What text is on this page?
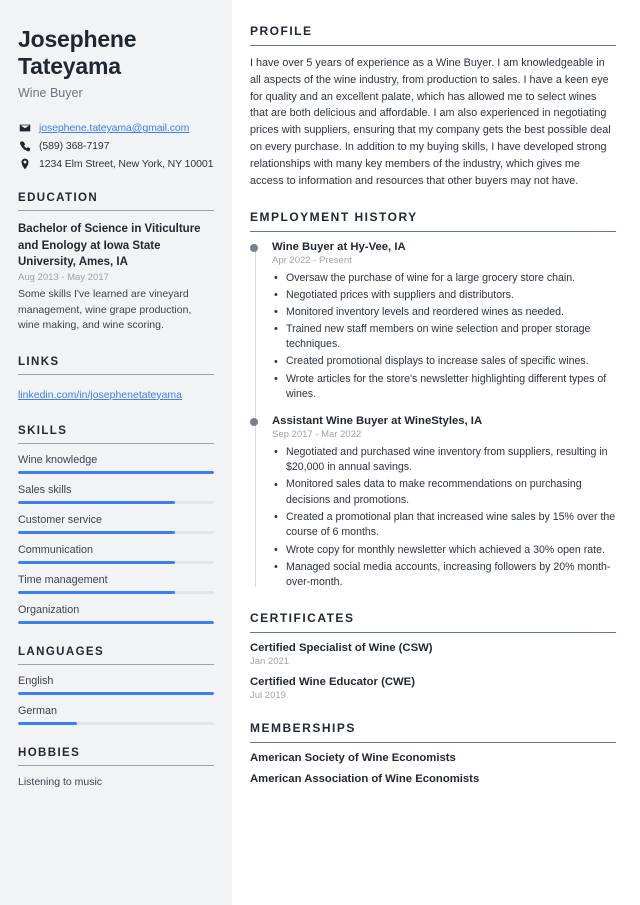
Josephene Tateyama
Wine Buyer
josephene.tateyama@gmail.com
(589) 368-7197
1234 Elm Street, New York, NY 10001
EDUCATION
Bachelor of Science in Viticulture and Enology at Iowa State University, Ames, IA
Aug 2013 - May 2017
Some skills I've learned are vineyard management, wine grape production, wine making, and wine scoring.
LINKS
linkedin.com/in/josephenetateyama
SKILLS
Wine knowledge
Sales skills
Customer service
Communication
Time management
Organization
LANGUAGES
English
German
HOBBIES
Listening to music
PROFILE

I have over 5 years of experience as a Wine Buyer. I am knowledgeable in all aspects of the wine industry, from production to sales. I have a keen eye for quality and an excellent palate, which has allowed me to select wines that are both delicious and affordable. I am also experienced in negotiating prices with suppliers, ensuring that my company gets the best possible deal on every purchase. In addition to my buying skills, I have developed strong relationships with many key members of the industry, which gives me access to information and resources that other buyers may not have.

EMPLOYMENT HISTORY
Wine Buyer at Hy-Vee, IA
Apr 2022 - Present
• Oversaw the purchase of wine for a large grocery store chain.
• Negotiated prices with suppliers and distributors.
• Monitored inventory levels and reordered wines as needed.
• Trained new staff members on wine selection and proper storage techniques.
• Created promotional displays to increase sales of specific wines.
• Wrote articles for the store's newsletter highlighting different types of wines.
Assistant Wine Buyer at WineStyles, IA
Sep 2017 - Mar 2022
• Negotiated and purchased wine inventory from suppliers, resulting in $20,000 in annual savings.
• Monitored sales data to make recommendations on purchasing decisions and promotions.
• Created a promotional plan that increased wine sales by 15% over the course of 6 months.
• Wrote copy for monthly newsletter which achieved a 30% open rate.
• Managed social media accounts, increasing followers by 20% month-over-month.
CERTIFICATES
Certified Specialist of Wine (CSW)
Jan 2021
Certified Wine Educator (CWE)
Jul 2019
MEMBERSHIPS
American Society of Wine Economists
American Association of Wine Economists
